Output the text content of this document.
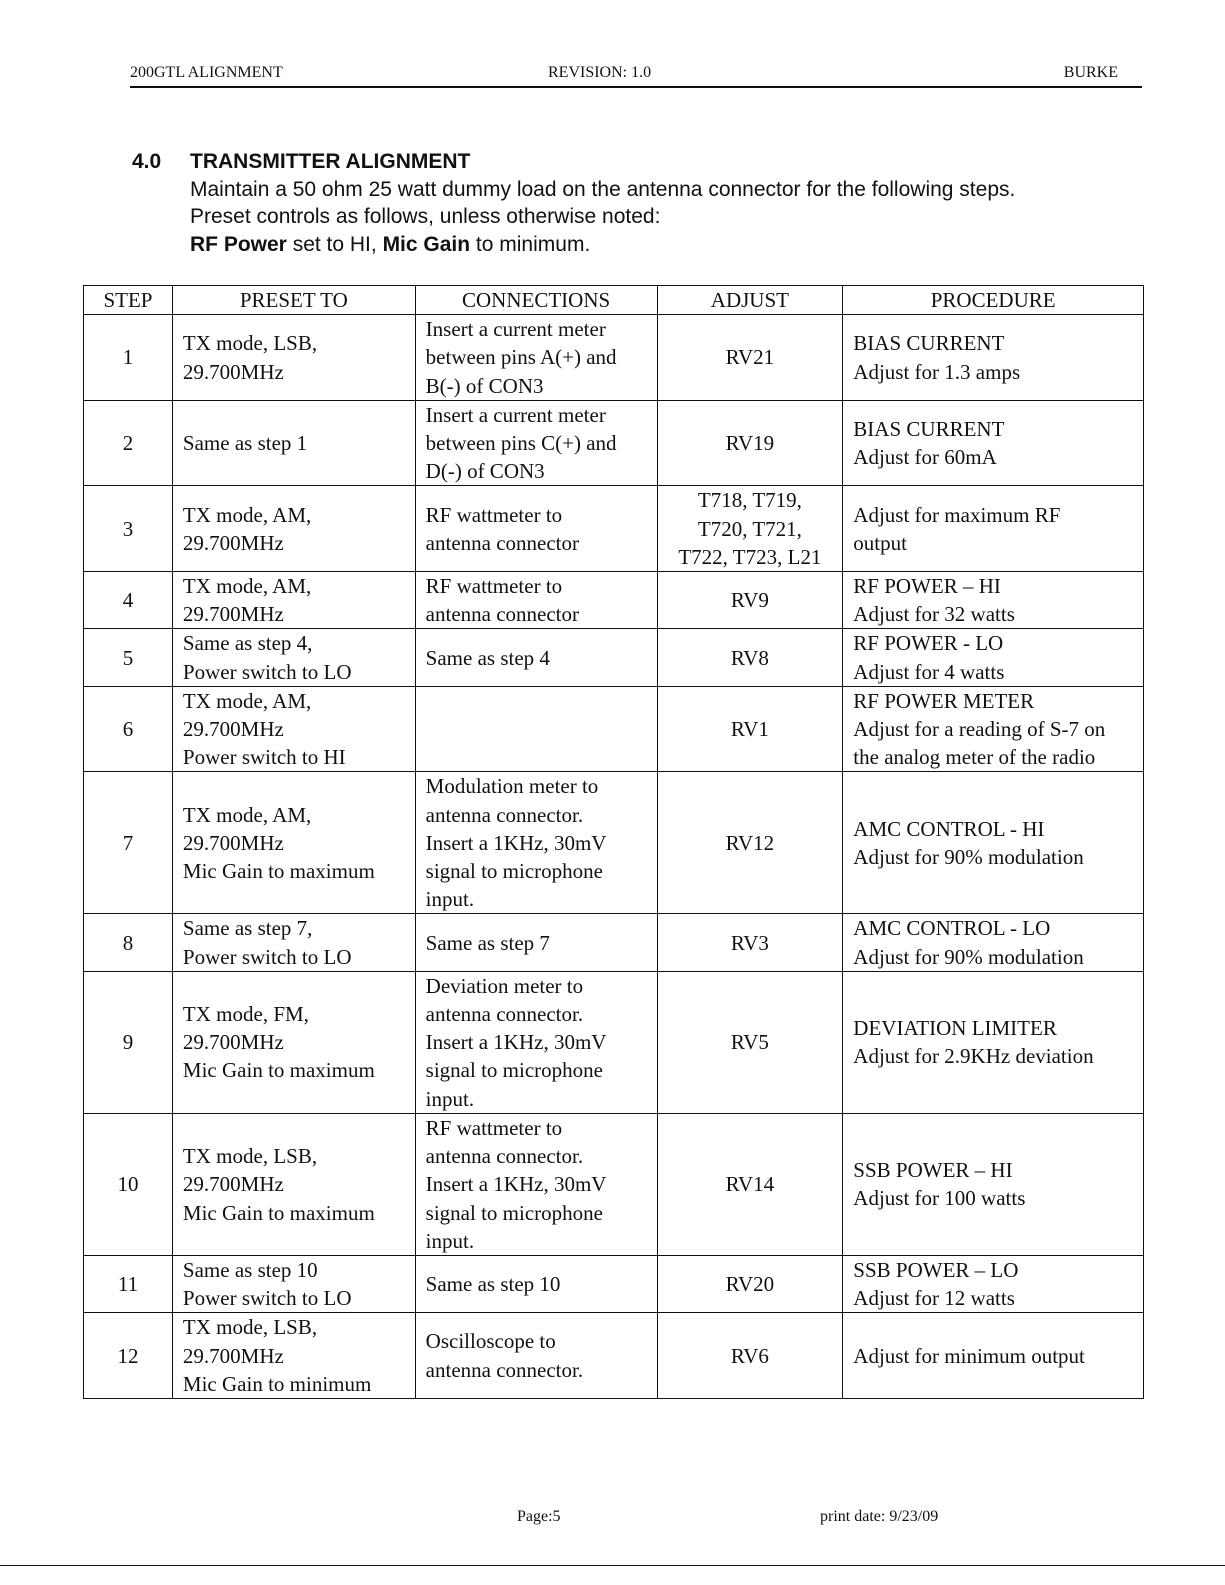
200GTL ALIGNMENT	REVISION: 1.0	BURKE
4.0 TRANSMITTER ALIGNMENT
Maintain a 50 ohm 25 watt dummy load on the antenna connector for the following steps.
Preset controls as follows, unless otherwise noted:
RF Power set to HI, Mic Gain to minimum.
STEP	PRESET TO	CONNECTIONS	ADJUST	PROCEDURE
1	TX mode, LSB,
29.700MHz	Insert a current meter
between pins A(+) and
B(-) of CON3	RV21	BIAS CURRENT
Adjust for 1.3 amps
2	Same as step 1	Insert a current meter
between pins C(+) and
D(-) of CON3	RV19	BIAS CURRENT
Adjust for 60mA
3	TX mode, AM,
29.700MHz	RF wattmeter to
antenna connector	T718, T719,
T720, T721,
T722, T723, L21	Adjust for maximum RF
output
4	TX mode, AM,
29.700MHz	RF wattmeter to
antenna connector	RV9	RF POWER – HI
Adjust for 32 watts
5	Same as step 4,
Power switch to LO	Same as step 4	RV8	RF POWER - LO
Adjust for 4 watts
6	TX mode, AM,
29.700MHz
Power switch to HI		RV1	RF POWER METER
Adjust for a reading of S-7 on
the analog meter of the radio
7	TX mode, AM,
29.700MHz
Mic Gain to maximum	Modulation meter to
antenna connector.
Insert a 1KHz, 30mV
signal to microphone
input.	RV12	AMC CONTROL - HI
Adjust for 90% modulation
8	Same as step 7,
Power switch to LO	Same as step 7	RV3	AMC CONTROL - LO
Adjust for 90% modulation
9	TX mode, FM,
29.700MHz
Mic Gain to maximum	Deviation meter to
antenna connector.
Insert a 1KHz, 30mV
signal to microphone
input.	RV5	DEVIATION LIMITER
Adjust for 2.9KHz deviation
10	TX mode, LSB,
29.700MHz
Mic Gain to maximum	RF wattmeter to
antenna connector.
Insert a 1KHz, 30mV
signal to microphone
input.	RV14	SSB POWER – HI
Adjust for 100 watts
11	Same as step 10
Power switch to LO	Same as step 10	RV20	SSB POWER – LO
Adjust for 12 watts
12	TX mode, LSB,
29.700MHz
Mic Gain to minimum	Oscilloscope to
antenna connector.	RV6	Adjust for minimum output
Page:5	print date: 9/23/09
